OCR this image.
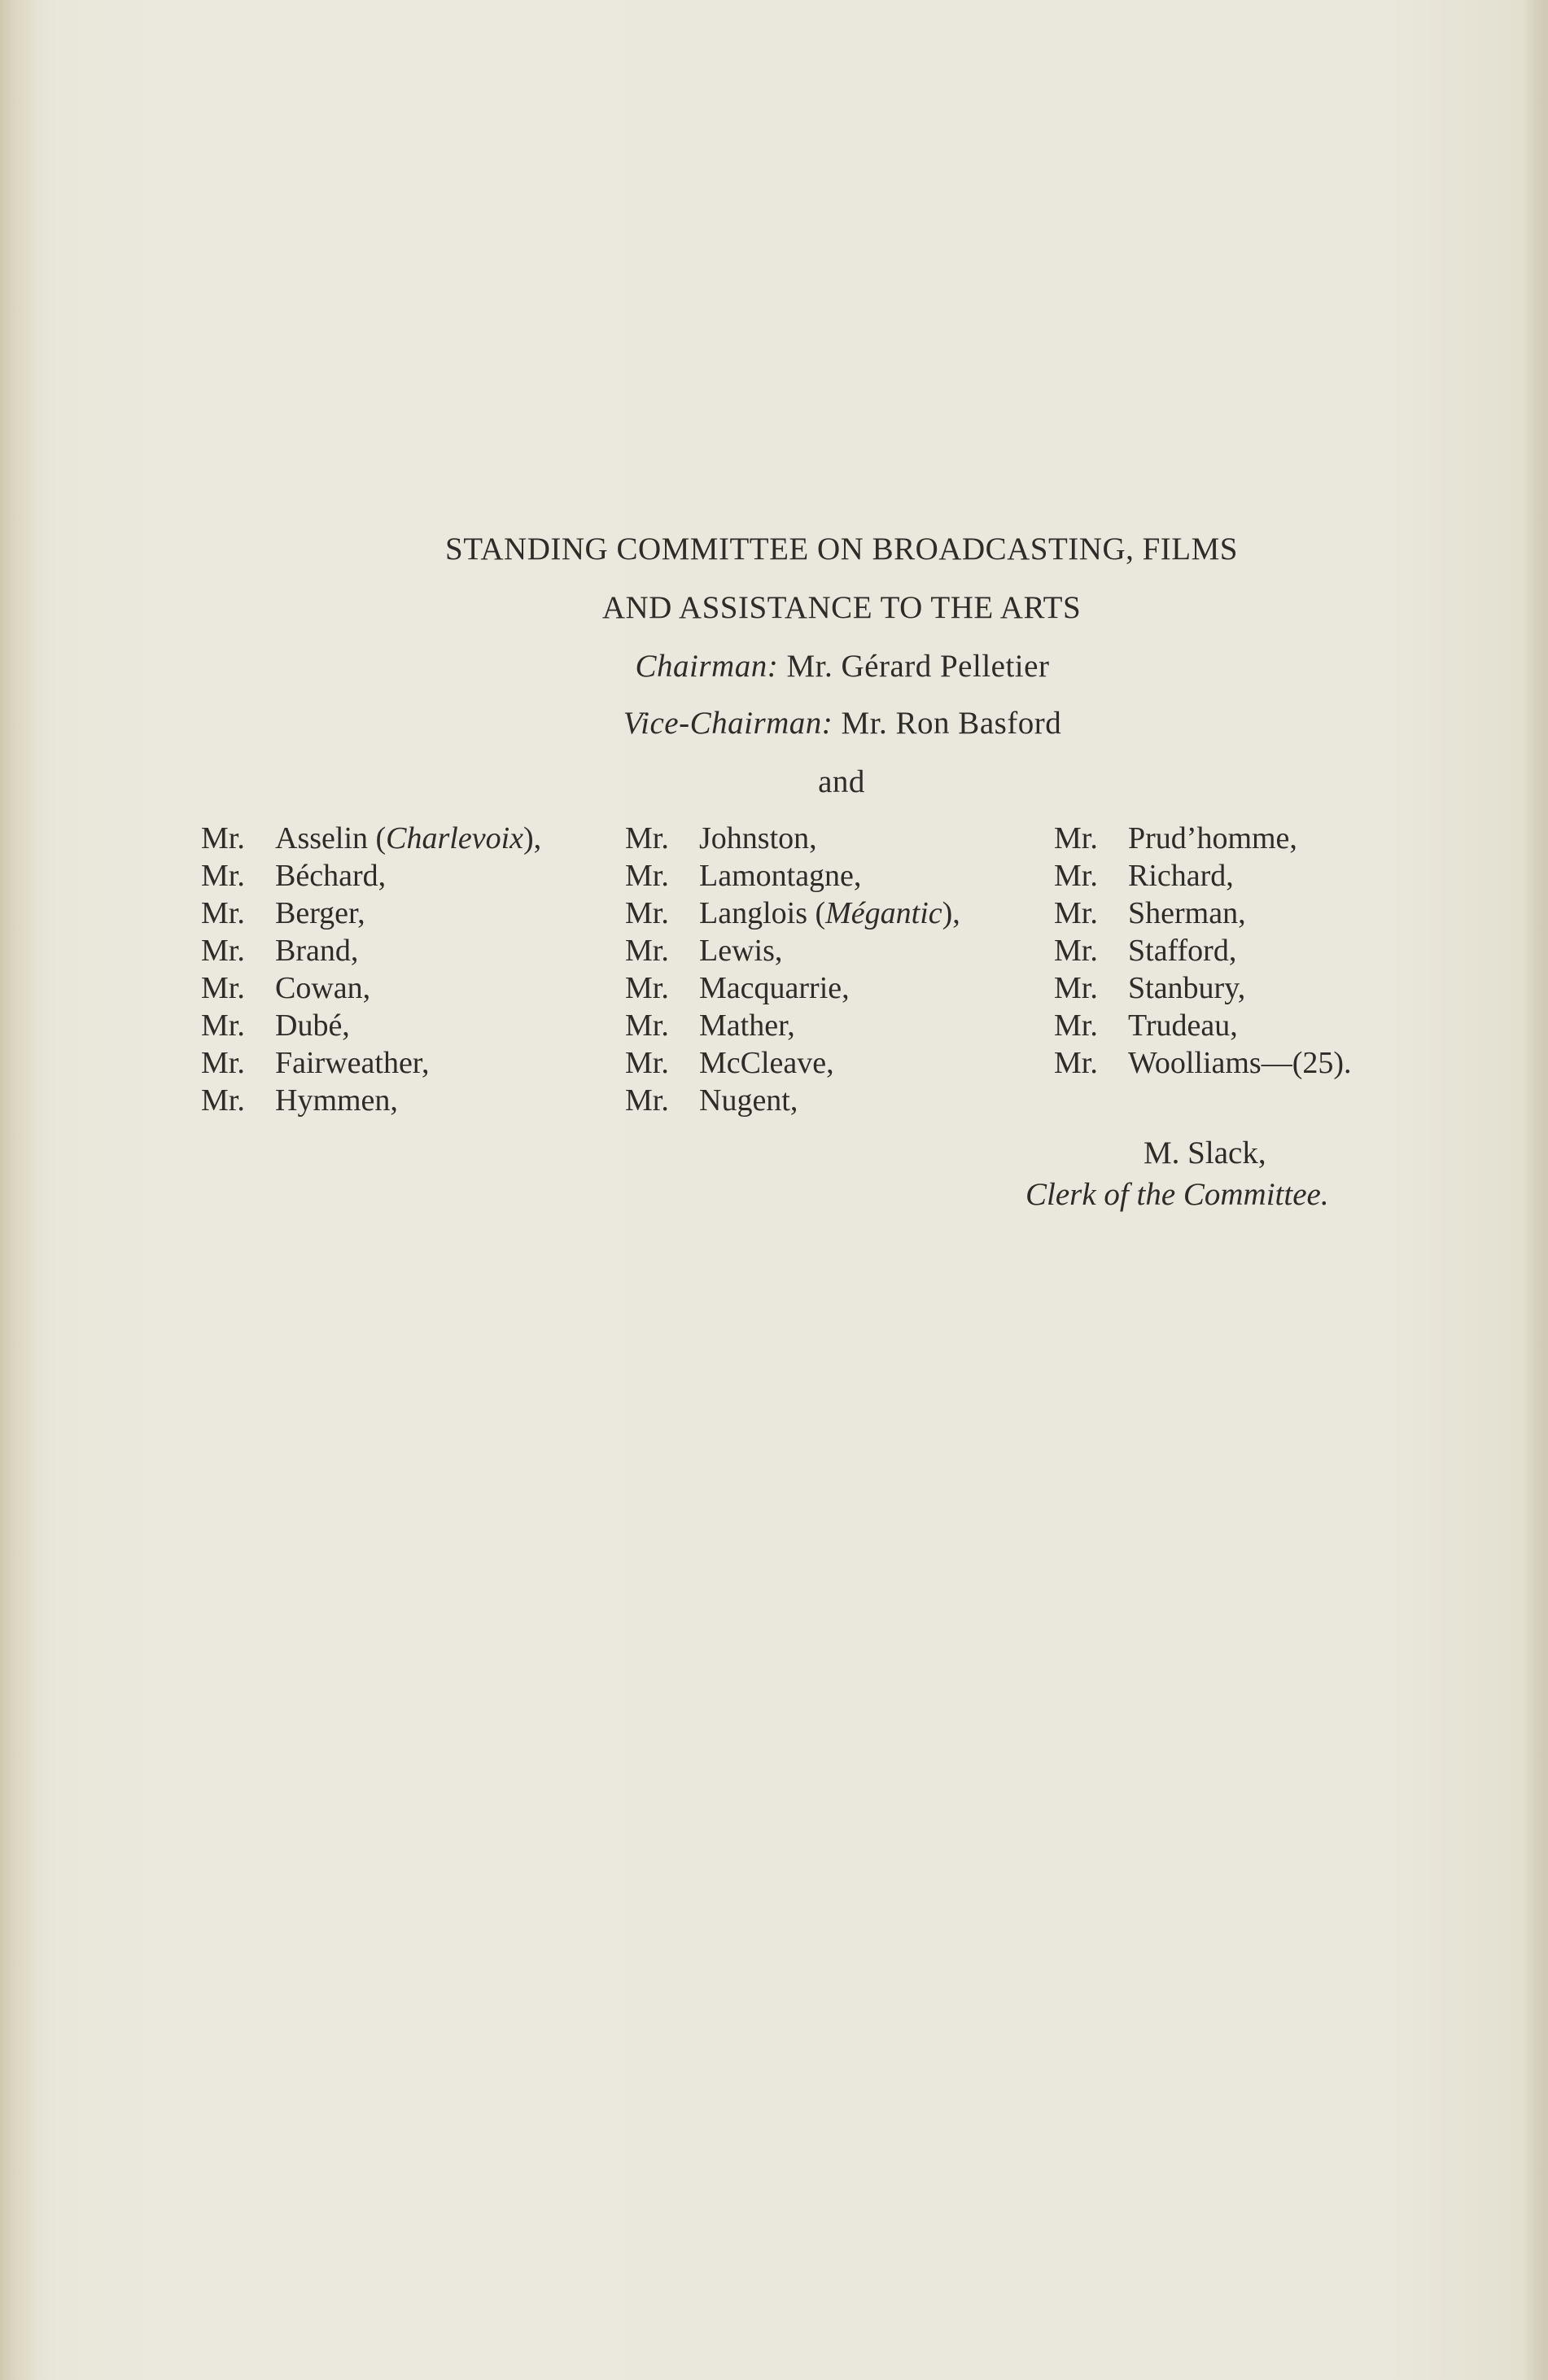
STANDING COMMITTEE ON BROADCASTING, FILMS
AND ASSISTANCE TO THE ARTS
Chairman: Mr. Gérard Pelletier
Vice-Chairman: Mr. Ron Basford
and
Mr. Asselin (Charlevoix),
Mr. Béchard,
Mr. Berger,
Mr. Brand,
Mr. Cowan,
Mr. Dubé,
Mr. Fairweather,
Mr. Hymmen,
Mr. Johnston,
Mr. Lamontagne,
Mr. Langlois (Mégantic),
Mr. Lewis,
Mr. Macquarrie,
Mr. Mather,
Mr. McCleave,
Mr. Nugent,
Mr. Prud’homme,
Mr. Richard,
Mr. Sherman,
Mr. Stafford,
Mr. Stanbury,
Mr. Trudeau,
Mr. Woolliams—(25).
M. Slack,
Clerk of the Committee.
